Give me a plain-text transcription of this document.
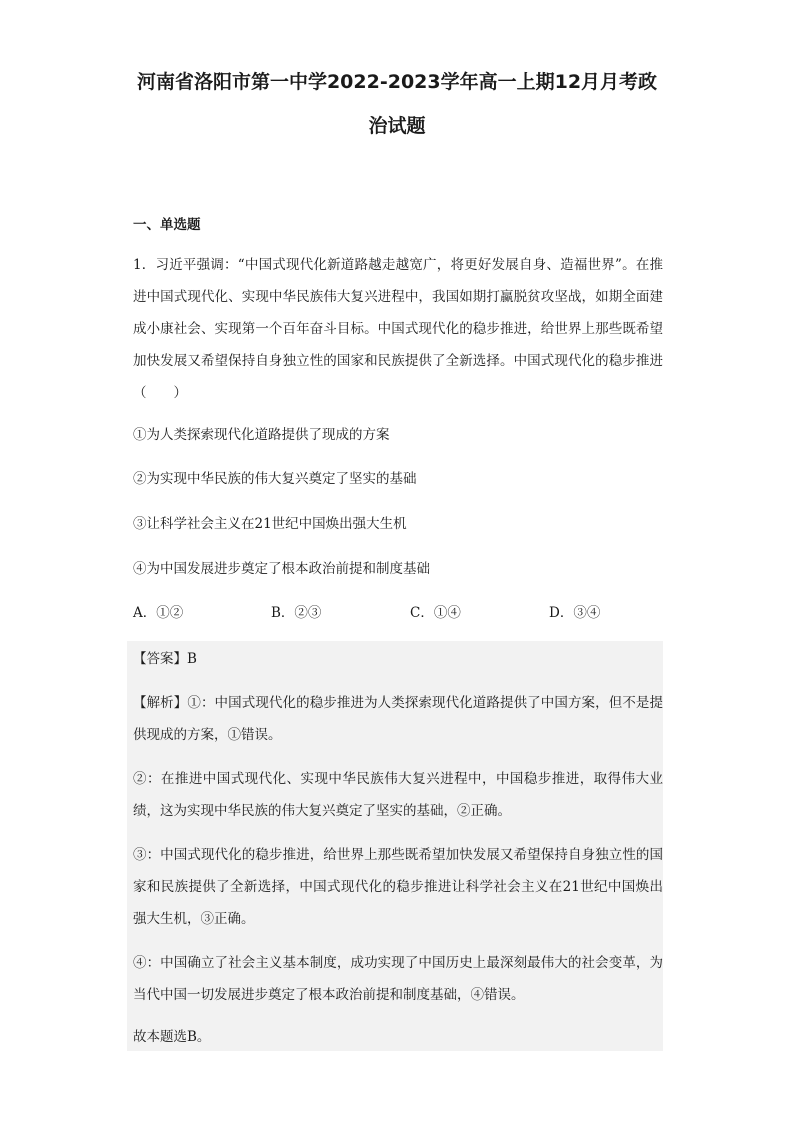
河南省洛阳市第一中学2022-2023学年高一上期12月月考政
治试题
一、单选题
1．习近平强调：“中国式现代化新道路越走越宽广，将更好发展自身、造福世界”。在推进中国式现代化、实现中华民族伟大复兴进程中，我国如期打赢脱贫攻坚战，如期全面建成小康社会、实现第一个百年奋斗目标。中国式现代化的稳步推进，给世界上那些既希望加快发展又希望保持自身独立性的国家和民族提供了全新选择。中国式现代化的稳步推进（　　）
①为人类探索现代化道路提供了现成的方案
②为实现中华民族的伟大复兴奠定了坚实的基础
③让科学社会主义在21世纪中国焕出强大生机
④为中国发展进步奠定了根本政治前提和制度基础
A．①②	B．②③	C．①④	D．③④
【答案】B
【解析】①：中国式现代化的稳步推进为人类探索现代化道路提供了中国方案，但不是提供现成的方案，①错误。
②：在推进中国式现代化、实现中华民族伟大复兴进程中，中国稳步推进，取得伟大业绩，这为实现中华民族的伟大复兴奠定了坚实的基础，②正确。
③：中国式现代化的稳步推进，给世界上那些既希望加快发展又希望保持自身独立性的国家和民族提供了全新选择，中国式现代化的稳步推进让科学社会主义在21世纪中国焕出强大生机，③正确。
④：中国确立了社会主义基本制度，成功实现了中国历史上最深刻最伟大的社会变革，为当代中国一切发展进步奠定了根本政治前提和制度基础，④错误。
故本题选B。
